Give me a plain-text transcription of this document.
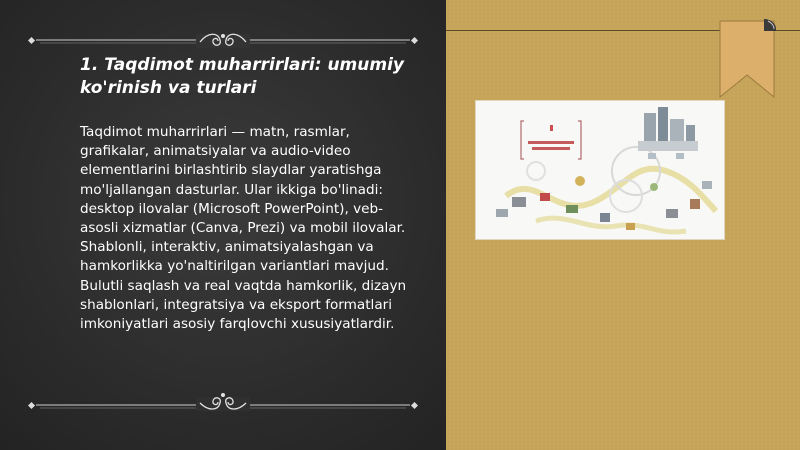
1. Taqdimot muharrirlari: umumiy ko'rinish va turlari
Taqdimot muharrirlari — matn, rasmlar, grafikalar, animatsiyalar va audio-video elementlarini birlashtirib slaydlar yaratishga mo'ljallangan dasturlar. Ular ikkiga bo'linadi: desktop ilovalar (Microsoft PowerPoint), veb-asosli xizmatlar (Canva, Prezi) va mobil ilovalar. Shablonli, interaktiv, animatsiyalashgan va hamkorlikka yo'naltirilgan variantlari mavjud. Bulutli saqlash va real vaqtda hamkorlik, dizayn shablonlari, integratsiya va eksport formatlari imkoniyatlari asosiy farqlovchi xususiyatlardir.
